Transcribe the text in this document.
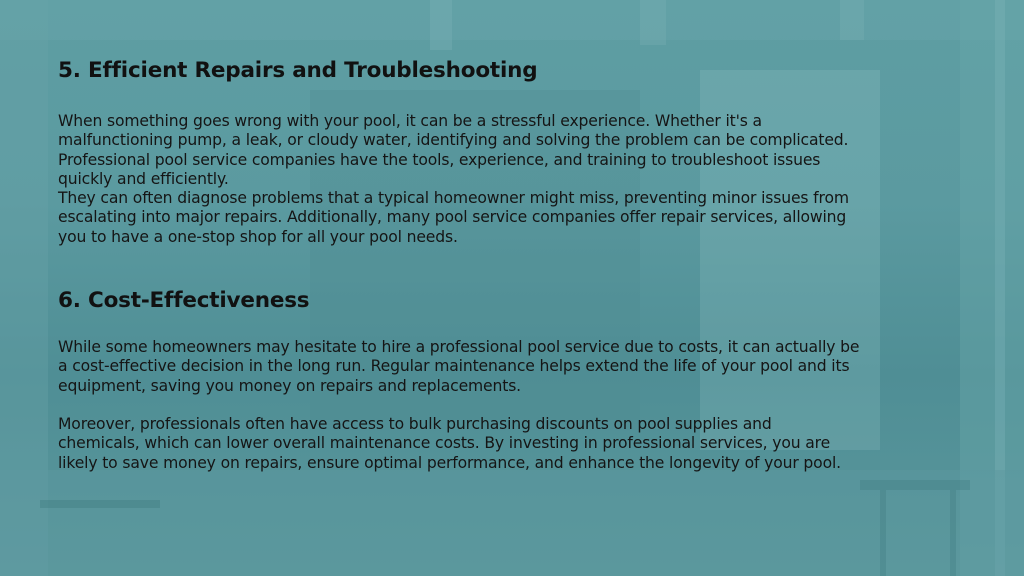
5. Efficient Repairs and Troubleshooting

When something goes wrong with your pool, it can be a stressful experience. Whether it's a
malfunctioning pump, a leak, or cloudy water, identifying and solving the problem can be complicated.
Professional pool service companies have the tools, experience, and training to troubleshoot issues
quickly and efficiently.
They can often diagnose problems that a typical homeowner might miss, preventing minor issues from
escalating into major repairs. Additionally, many pool service companies offer repair services, allowing
you to have a one-stop shop for all your pool needs.

6. Cost-Effectiveness

While some homeowners may hesitate to hire a professional pool service due to costs, it can actually be
a cost-effective decision in the long run. Regular maintenance helps extend the life of your pool and its
equipment, saving you money on repairs and replacements.

Moreover, professionals often have access to bulk purchasing discounts on pool supplies and
chemicals, which can lower overall maintenance costs. By investing in professional services, you are
likely to save money on repairs, ensure optimal performance, and enhance the longevity of your pool.
